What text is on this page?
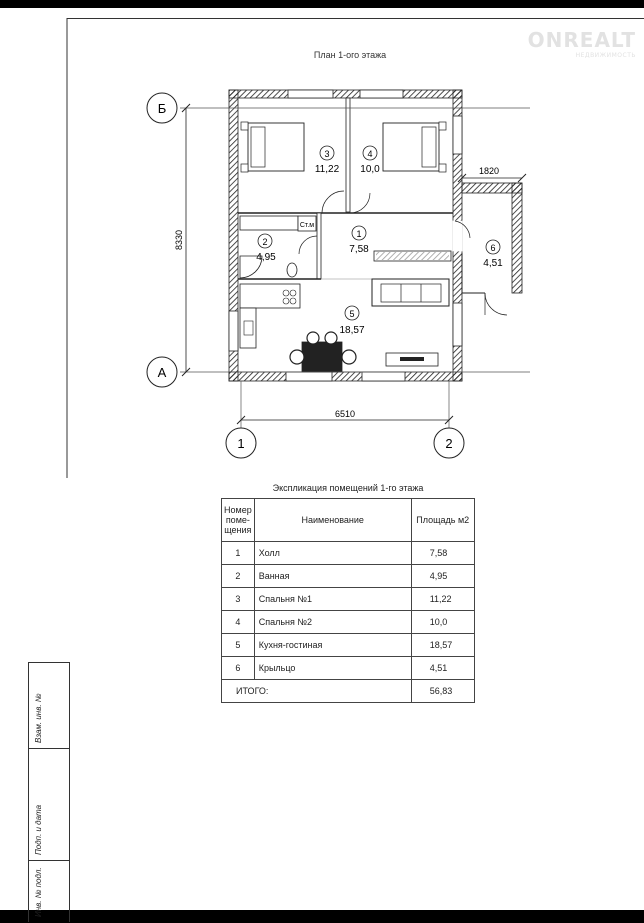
Б
А
1	2
8330
6510
1820
3
11,22
4
10,0
1
7,58
2
4,95
5
18,57
6
4,51
Ст.м
План 1-ого этажа
ONREALT
НЕДВИЖИМОСТЬ
Экспликация помещений 1-го этажа
Номер поме- щения	Наименование	Площадь м2
1	Холл	7,58
2	Ванная	4,95
3	Спальня №1	11,22
4	Спальня №2	10,0
5	Кухня-гостиная	18,57
6	Крыльцо	4,51
ИТОГО:		56,83
Взам. инв. №
Подп. и дата
Инв. № подл.
